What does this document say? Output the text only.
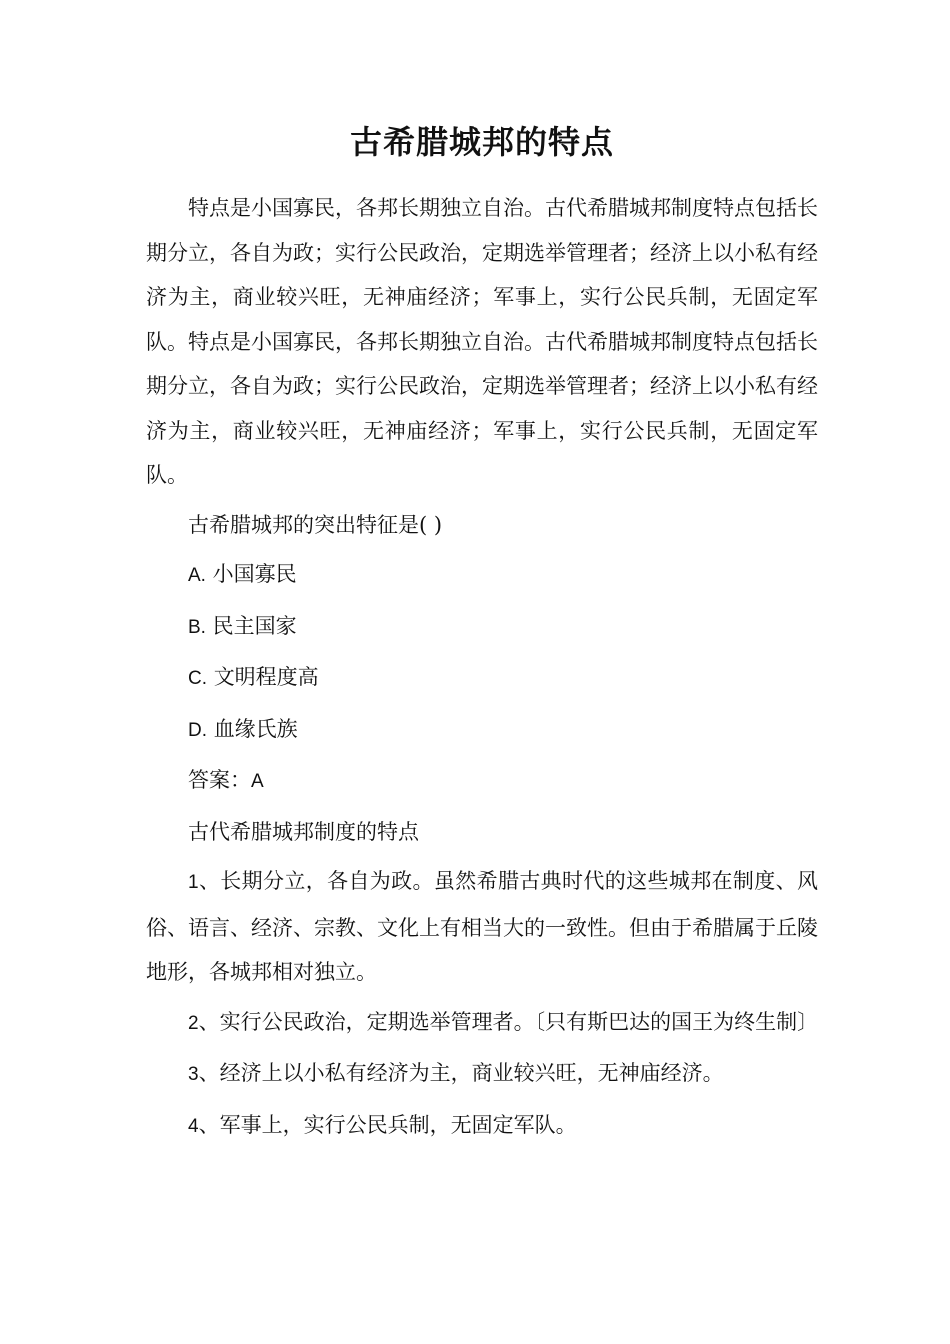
古希腊城邦的特点

特点是小国寡民，各邦长期独立自治。古代希腊城邦制度特点包括长期分立，各自为政；实行公民政治，定期选举管理者；经济上以小私有经济为主，商业较兴旺，无神庙经济；军事上，实行公民兵制，无固定军队。特点是小国寡民，各邦长期独立自治。古代希腊城邦制度特点包括长期分立，各自为政；实行公民政治，定期选举管理者；经济上以小私有经济为主，商业较兴旺，无神庙经济；军事上，实行公民兵制，无固定军队。

古希腊城邦的突出特征是( )

A. 小国寡民

B. 民主国家

C. 文明程度高

D. 血缘氏族

答案：A

古代希腊城邦制度的特点

1、长期分立，各自为政。虽然希腊古典时代的这些城邦在制度、风俗、语言、经济、宗教、文化上有相当大的一致性。但由于希腊属于丘陵地形，各城邦相对独立。

2、实行公民政治，定期选举管理者。〔只有斯巴达的国王为终生制〕

3、经济上以小私有经济为主，商业较兴旺，无神庙经济。

4、军事上，实行公民兵制，无固定军队。
